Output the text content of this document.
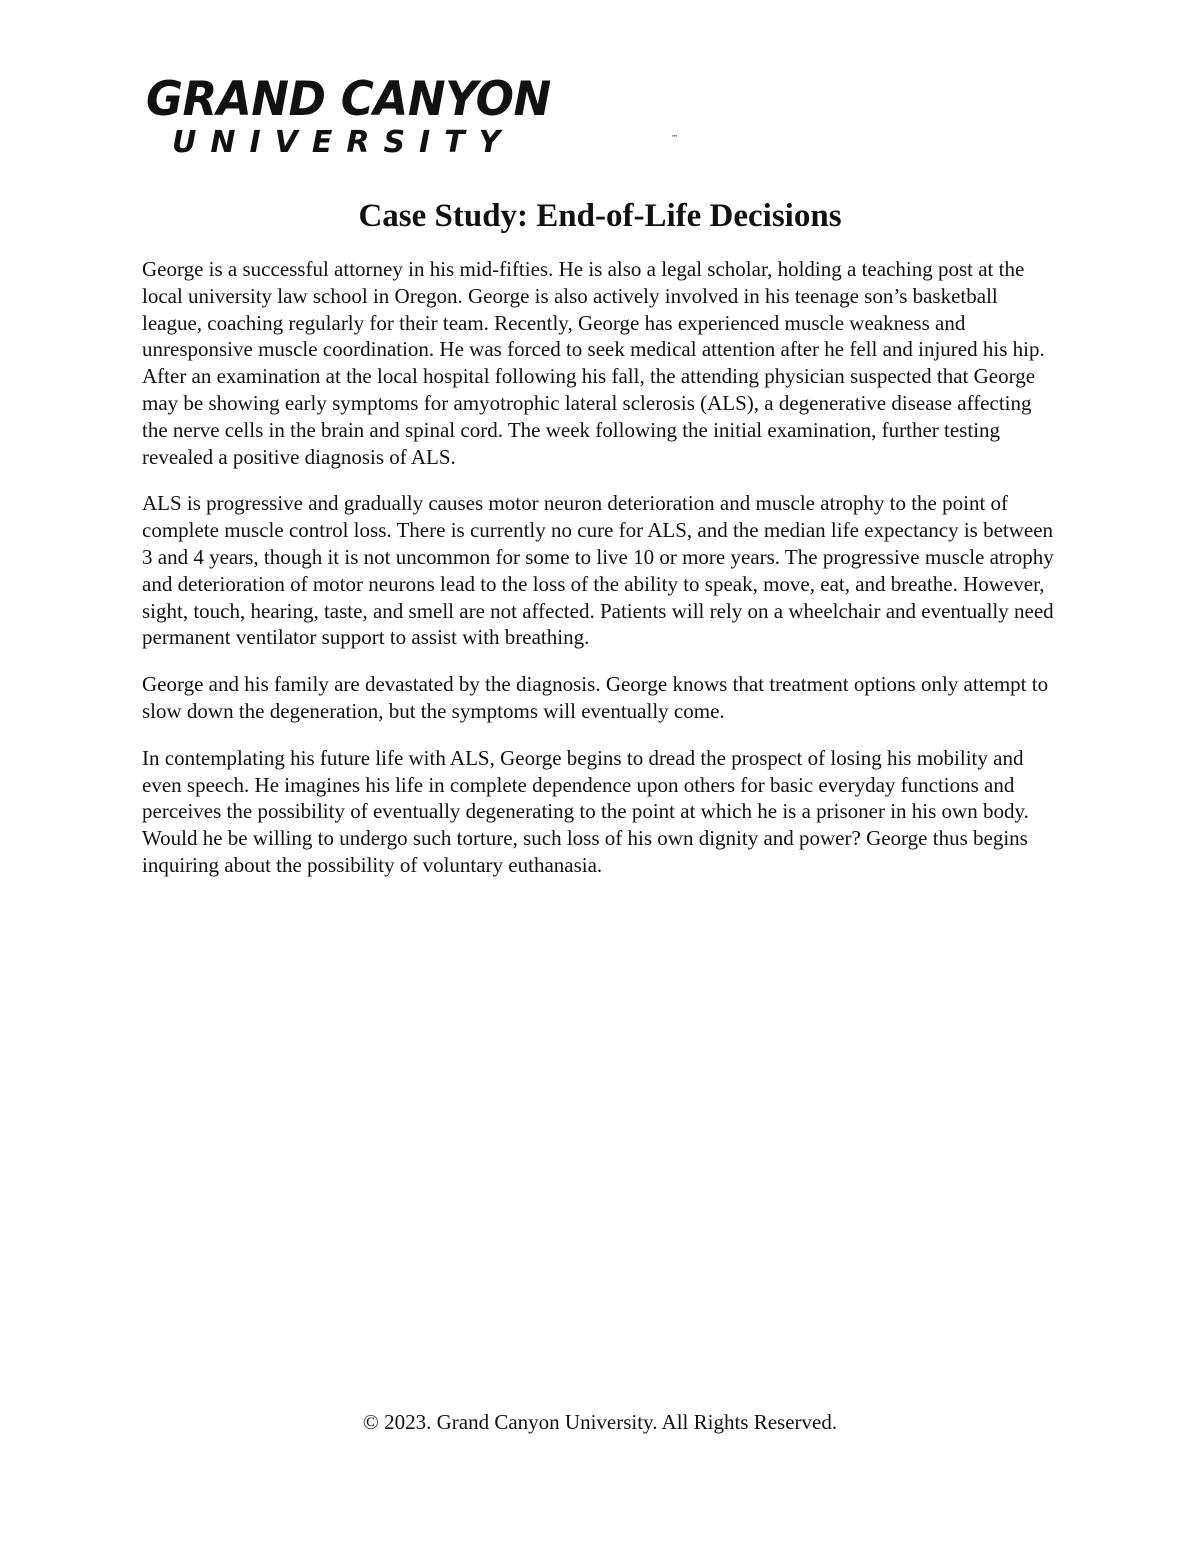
GRAND CANYON
UNIVERSITY	™
Case Study: End-of-Life Decisions

George is a successful attorney in his mid-fifties. He is also a legal scholar, holding a teaching post at the local university law school in Oregon. George is also actively involved in his teenage son’s basketball league, coaching regularly for their team. Recently, George has experienced muscle weakness and unresponsive muscle coordination. He was forced to seek medical attention after he fell and injured his hip. After an examination at the local hospital following his fall, the attending physician suspected that George may be showing early symptoms for amyotrophic lateral sclerosis (ALS), a degenerative disease affecting the nerve cells in the brain and spinal cord. The week following the initial examination, further testing revealed a positive diagnosis of ALS.

ALS is progressive and gradually causes motor neuron deterioration and muscle atrophy to the point of complete muscle control loss. There is currently no cure for ALS, and the median life expectancy is between 3 and 4 years, though it is not uncommon for some to live 10 or more years. The progressive muscle atrophy and deterioration of motor neurons lead to the loss of the ability to speak, move, eat, and breathe. However, sight, touch, hearing, taste, and smell are not affected. Patients will rely on a wheelchair and eventually need permanent ventilator support to assist with breathing.

George and his family are devastated by the diagnosis. George knows that treatment options only attempt to slow down the degeneration, but the symptoms will eventually come.

In contemplating his future life with ALS, George begins to dread the prospect of losing his mobility and even speech. He imagines his life in complete dependence upon others for basic everyday functions and perceives the possibility of eventually degenerating to the point at which he is a prisoner in his own body. Would he be willing to undergo such torture, such loss of his own dignity and power? George thus begins inquiring about the possibility of voluntary euthanasia.

© 2023. Grand Canyon University. All Rights Reserved.
